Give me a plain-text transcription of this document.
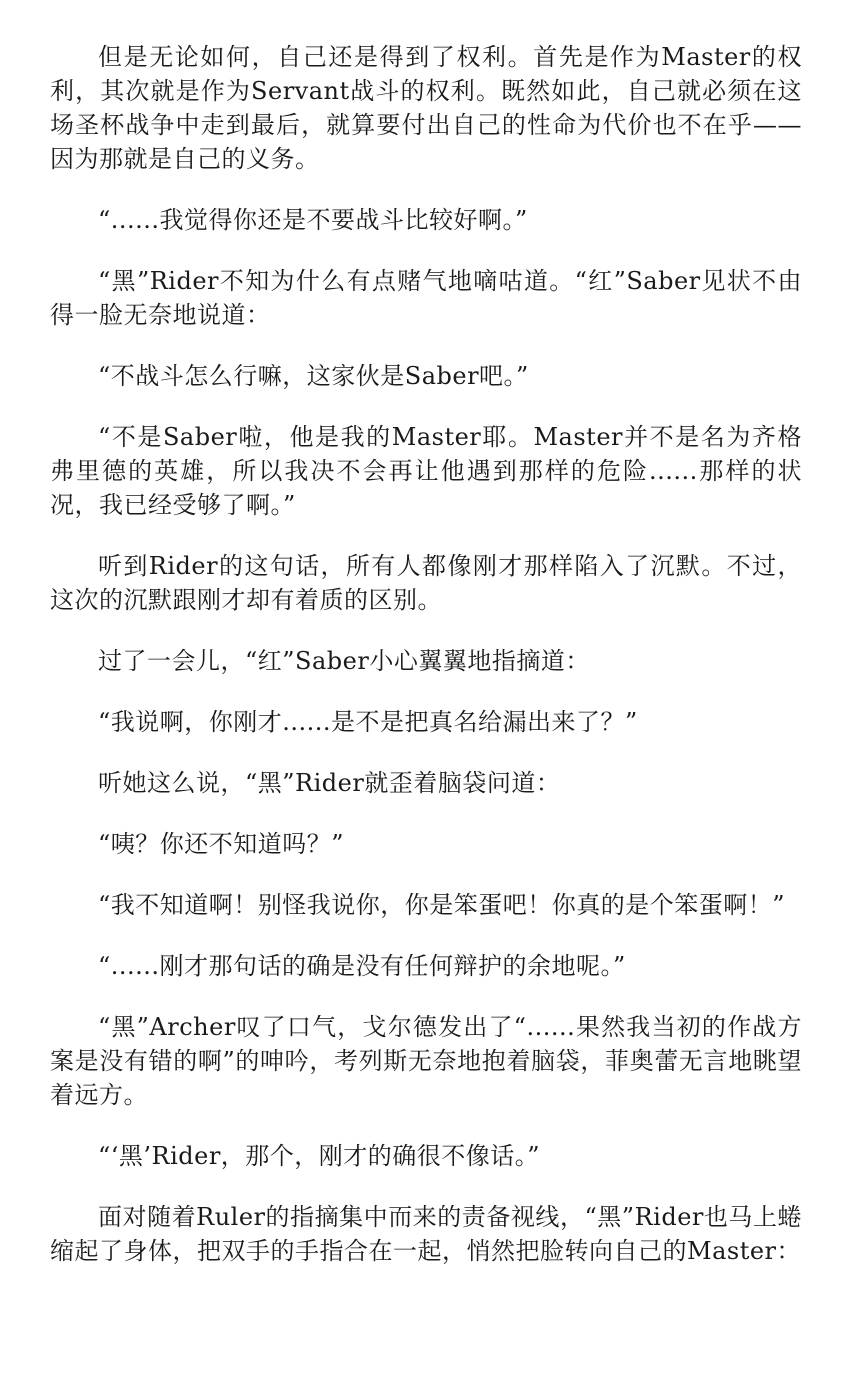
但是无论如何，自己还是得到了权利。首先是作为Master的权利，其次就是作为Servant战斗的权利。既然如此，自己就必须在这场圣杯战争中走到最后，就算要付出自己的性命为代价也不在乎——因为那就是自己的义务。

“......我觉得你还是不要战斗比较好啊。”

“黑”Rider不知为什么有点赌气地嘀咕道。“红”Saber见状不由得一脸无奈地说道：

“不战斗怎么行嘛，这家伙是Saber吧。”

“不是Saber啦，他是我的Master耶。Master并不是名为齐格弗里德的英雄，所以我决不会再让他遇到那样的危险......那样的状况，我已经受够了啊。”

听到Rider的这句话，所有人都像刚才那样陷入了沉默。不过，这次的沉默跟刚才却有着质的区别。

过了一会儿，“红”Saber小心翼翼地指摘道：

“我说啊，你刚才......是不是把真名给漏出来了？”

听她这么说，“黑”Rider就歪着脑袋问道：

“咦？你还不知道吗？”

“我不知道啊！别怪我说你，你是笨蛋吧！你真的是个笨蛋啊！”

“......刚才那句话的确是没有任何辩护的余地呢。”

“黑”Archer叹了口气，戈尔德发出了“......果然我当初的作战方案是没有错的啊”的呻吟，考列斯无奈地抱着脑袋，菲奥蕾无言地眺望着远方。

“‘黑’Rider，那个，刚才的确很不像话。”

面对随着Ruler的指摘集中而来的责备视线，“黑”Rider也马上蜷缩起了身体，把双手的手指合在一起，悄然把脸转向自己的Master：
